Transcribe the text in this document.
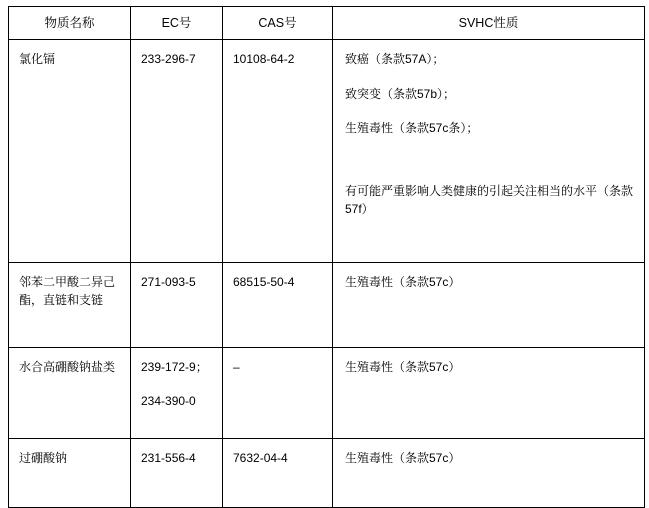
物质名称	EC号	CAS号	SVHC性质

氯化镉	233-296-7	10108-64-2	致癌（条款57A）；
致突变（条款57b）；
生殖毒性（条款57c条）；
有可能严重影响人类健康的引起关注相当的水平（条款57f）

邻苯二甲酸二异己
酯，直链和支链	271-093-5	68515-50-4	生殖毒性（条款57c）

水合高硼酸钠盐类	239-172-9；
234-390-0	–	生殖毒性（条款57c）

过硼酸钠	231-556-4	7632-04-4	生殖毒性（条款57c）
